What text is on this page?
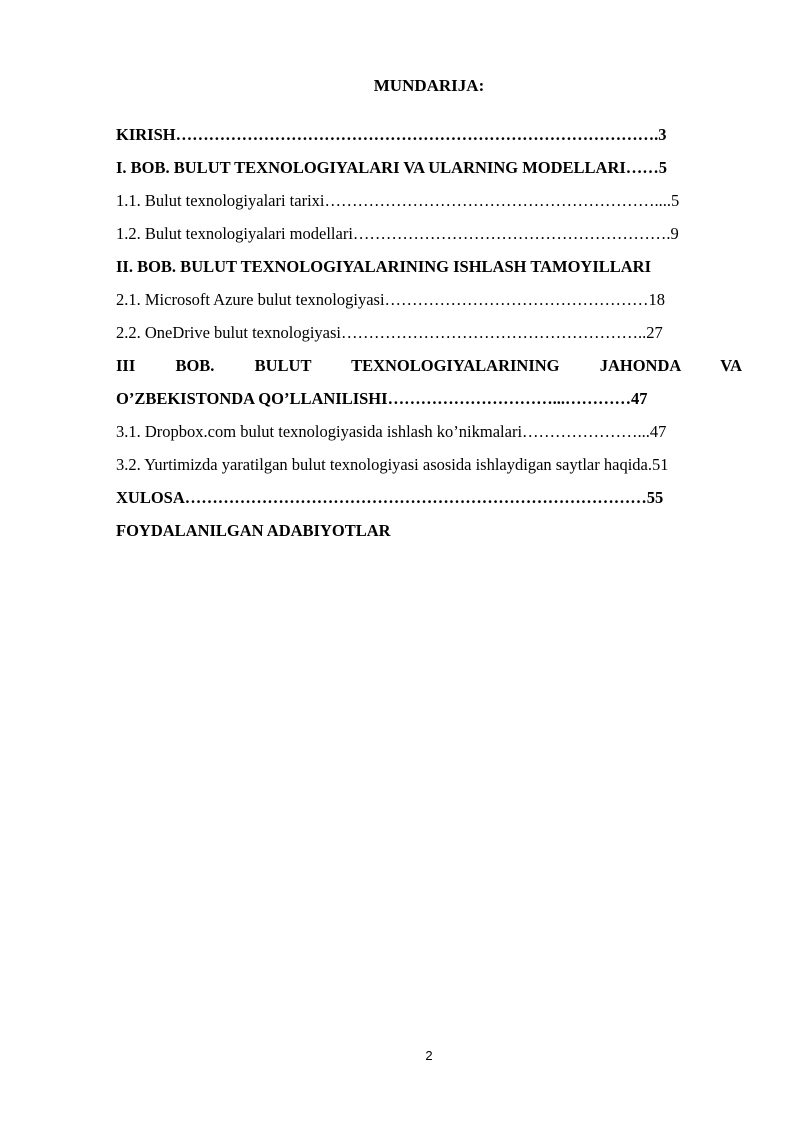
MUNDARIJA:
KIRISH…………………………………………………………………………….3
I. BOB. BULUT TEXNOLOGIYALARI VA ULARNING MODELLARI……5
1.1. Bulut texnologiyalari tarixi……………………………………………………....5
1.2. Bulut texnologiyalari modellari………………………………………………….9
II. BOB. BULUT TEXNOLOGIYALARINING ISHLASH TAMOYILLARI
2.1. Microsoft Azure bulut texnologiyasi…………………………………………18
2.2. OneDrive bulut texnologiyasi………………………………………………..27
III BOB. BULUT TEXNOLOGIYALARINING JAHONDA VA
O’ZBEKISTONDA QO’LLANILISHI…………………………...…………47
3.1. Dropbox.com bulut texnologiyasida ishlash ko’nikmalari…………………...47
3.2. Yurtimizda yaratilgan bulut texnologiyasi asosida ishlaydigan saytlar haqida.51
XULOSA…………………………………………………………………………55
FOYDALANILGAN ADABIYOTLAR
2
